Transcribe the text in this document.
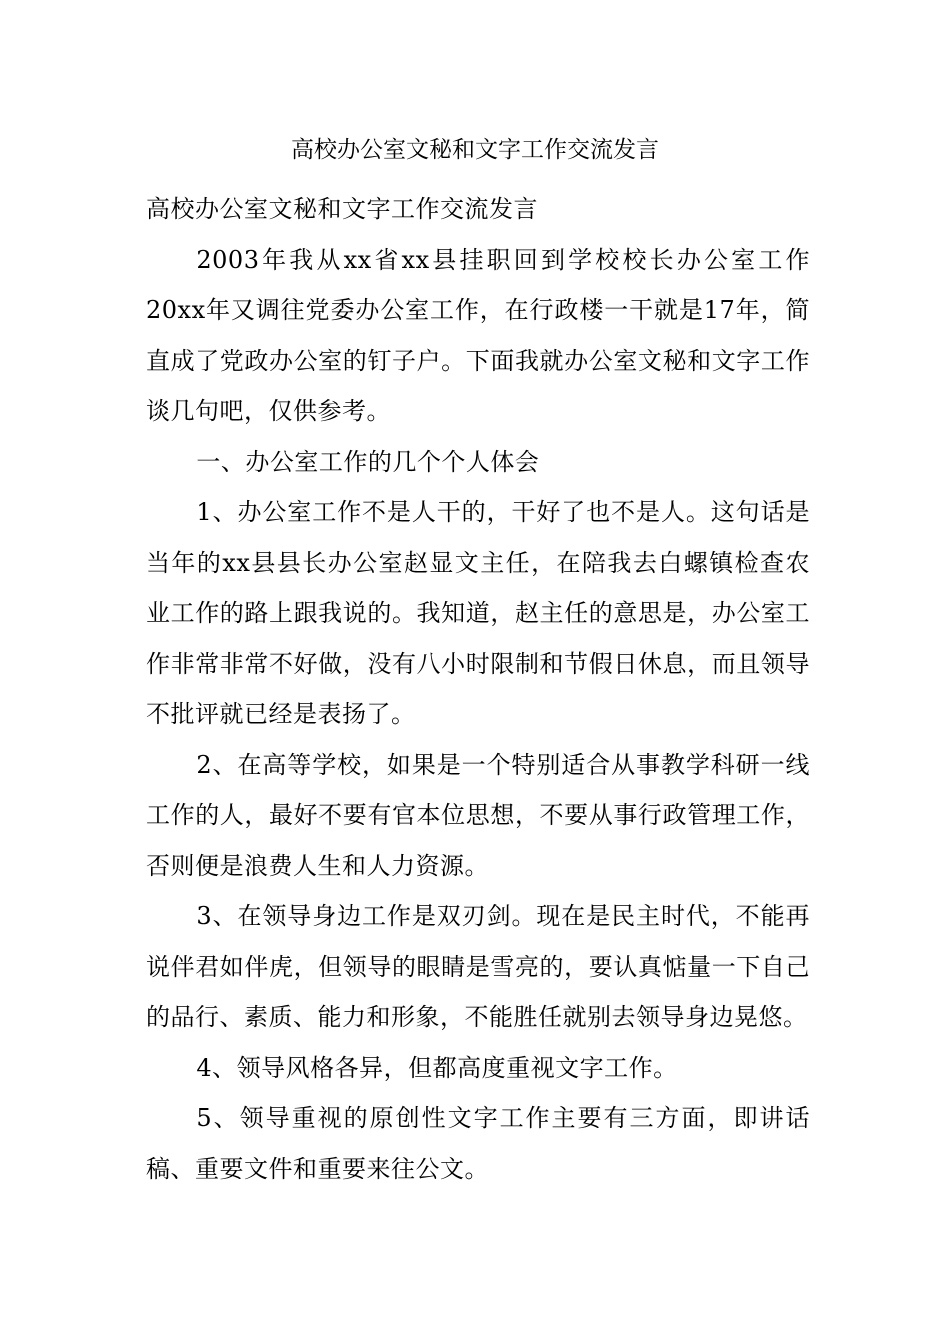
高校办公室文秘和文字工作交流发言

高校办公室文秘和文字工作交流发言

2003年我从xx省xx县挂职回到学校校长办公室工作20xx年又调往党委办公室工作，在行政楼一干就是17年，简直成了党政办公室的钉子户。下面我就办公室文秘和文字工作谈几句吧，仅供参考。

一、办公室工作的几个个人体会

1、办公室工作不是人干的，干好了也不是人。这句话是当年的xx县县长办公室赵显文主任，在陪我去白螺镇检查农业工作的路上跟我说的。我知道，赵主任的意思是，办公室工作非常非常不好做，没有八小时限制和节假日休息，而且领导不批评就已经是表扬了。

2、在高等学校，如果是一个特别适合从事教学科研一线工作的人，最好不要有官本位思想，不要从事行政管理工作，否则便是浪费人生和人力资源。

3、在领导身边工作是双刃剑。现在是民主时代，不能再说伴君如伴虎，但领导的眼睛是雪亮的，要认真惦量一下自己的品行、素质、能力和形象，不能胜任就别去领导身边晃悠。

4、领导风格各异，但都高度重视文字工作。

5、领导重视的原创性文字工作主要有三方面，即讲话稿、重要文件和重要来往公文。
